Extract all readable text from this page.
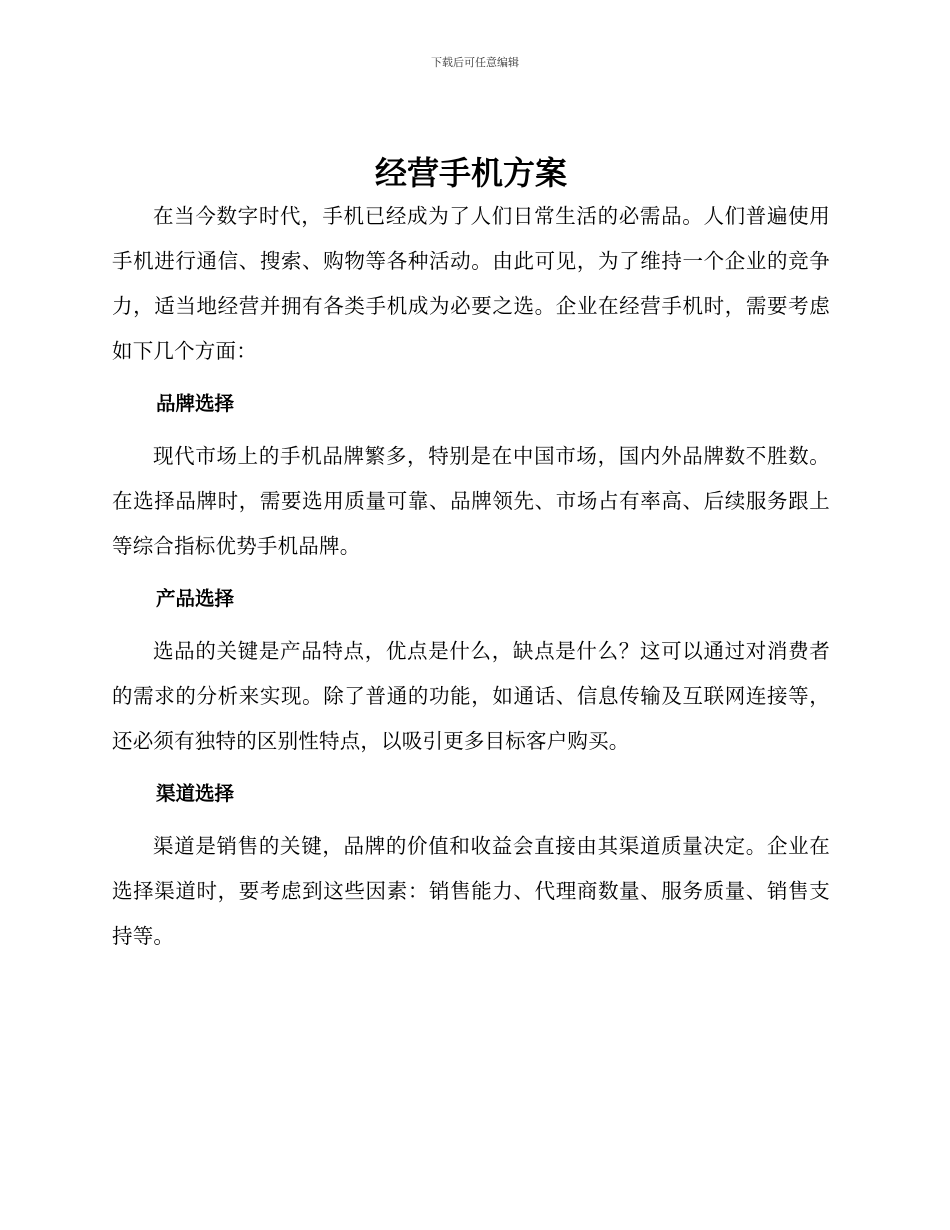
下载后可任意编辑
经营手机方案

在当今数字时代，手机已经成为了人们日常生活的必需品。人们普遍使用手机进行通信、搜索、购物等各种活动。由此可见，为了维持一个企业的竞争力，适当地经营并拥有各类手机成为必要之选。企业在经营手机时，需要考虑如下几个方面：

品牌选择

现代市场上的手机品牌繁多，特别是在中国市场，国内外品牌数不胜数。在选择品牌时，需要选用质量可靠、品牌领先、市场占有率高、后续服务跟上等综合指标优势手机品牌。

产品选择

选品的关键是产品特点，优点是什么，缺点是什么？这可以通过对消费者的需求的分析来实现。除了普通的功能，如通话、信息传输及互联网连接等，还必须有独特的区别性特点，以吸引更多目标客户购买。

渠道选择

渠道是销售的关键，品牌的价值和收益会直接由其渠道质量决定。企业在选择渠道时，要考虑到这些因素：销售能力、代理商数量、服务质量、销售支持等。
